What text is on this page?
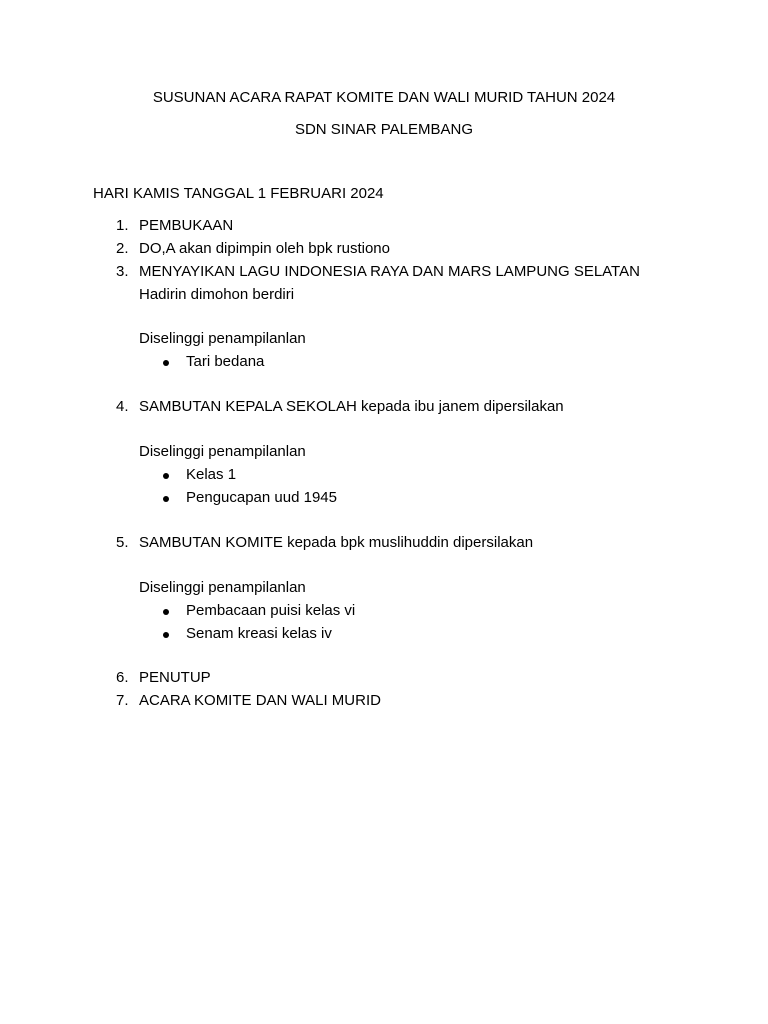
SUSUNAN ACARA RAPAT KOMITE DAN WALI MURID TAHUN 2024
SDN SINAR PALEMBANG
HARI KAMIS TANGGAL 1 FEBRUARI 2024
1. PEMBUKAAN
2. DO,A akan dipimpin oleh bpk rustiono
3. MENYAYIKAN LAGU INDONESIA RAYA DAN MARS LAMPUNG SELATAN
Hadirin dimohon berdiri
Diselinggi penampilanlan
Tari bedana
4. SAMBUTAN KEPALA SEKOLAH kepada ibu janem dipersilakan
Diselinggi penampilanlan
Kelas 1
Pengucapan uud 1945
5. SAMBUTAN KOMITE kepada bpk muslihuddin dipersilakan
Diselinggi penampilanlan
Pembacaan puisi kelas vi
Senam kreasi kelas iv
6. PENUTUP
7. ACARA KOMITE DAN WALI MURID
